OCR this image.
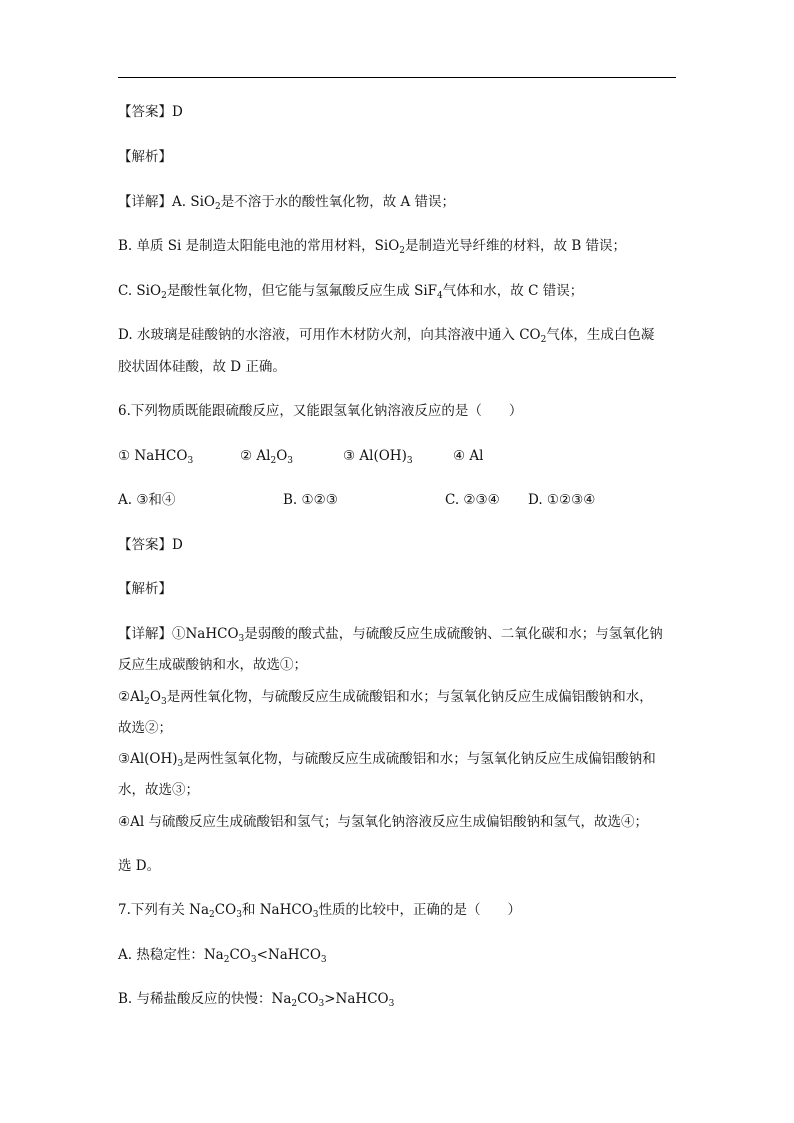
【答案】D
【解析】
【详解】A. SiO$_2$是不溶于水的酸性氧化物，故 A 错误；
B. 单质 Si 是制造太阳能电池的常用材料，SiO$_2$是制造光导纤维的材料，故 B 错误；
C. SiO$_2$是酸性氧化物，但它能与氢氟酸反应生成 SiF$_4$气体和水，故 C 错误；
D. 水玻璃是硅酸钠的水溶液，可用作木材防火剂，向其溶液中通入 $CO_2$气体，生成白色凝
胶状固体硅酸，故 D 正确。
6.下列物质既能跟硫酸反应，又能跟氢氧化钠溶液反应的是（　　）
① NaHCO$_3$	② $Al_2O_3$	③ $Al(OH)_3$	④ Al
A. ③和④	B. ①②③	C. ②③④ D. ①②③④
【答案】D
【解析】
【详解】①NaHCO$_3$是弱酸的酸式盐，与硫酸反应生成硫酸钠、二氧化碳和水；与氢氧化钠
反应生成碳酸钠和水，故选①；
$②Al_2O_3$是两性氧化物，与硫酸反应生成硫酸铝和水；与氢氧化钠反应生成偏铝酸钠和水，
故选②；
$③Al(OH)_3$是两性氢氧化物，与硫酸反应生成硫酸铝和水；与氢氧化钠反应生成偏铝酸钠和
水，故选③；
④Al 与硫酸反应生成硫酸铝和氢气；与氢氧化钠溶液反应生成偏铝酸钠和氢气，故选④；
选 D。
7.下列有关 $Na_2CO_3$和 NaHCO$_3$性质的比较中，正确的是（　　）
A. 热稳定性：$Na_2CO_3<NaHCO_3$
B. 与稀盐酸反应的快慢：$Na_2CO_3>NaHCO_3$
